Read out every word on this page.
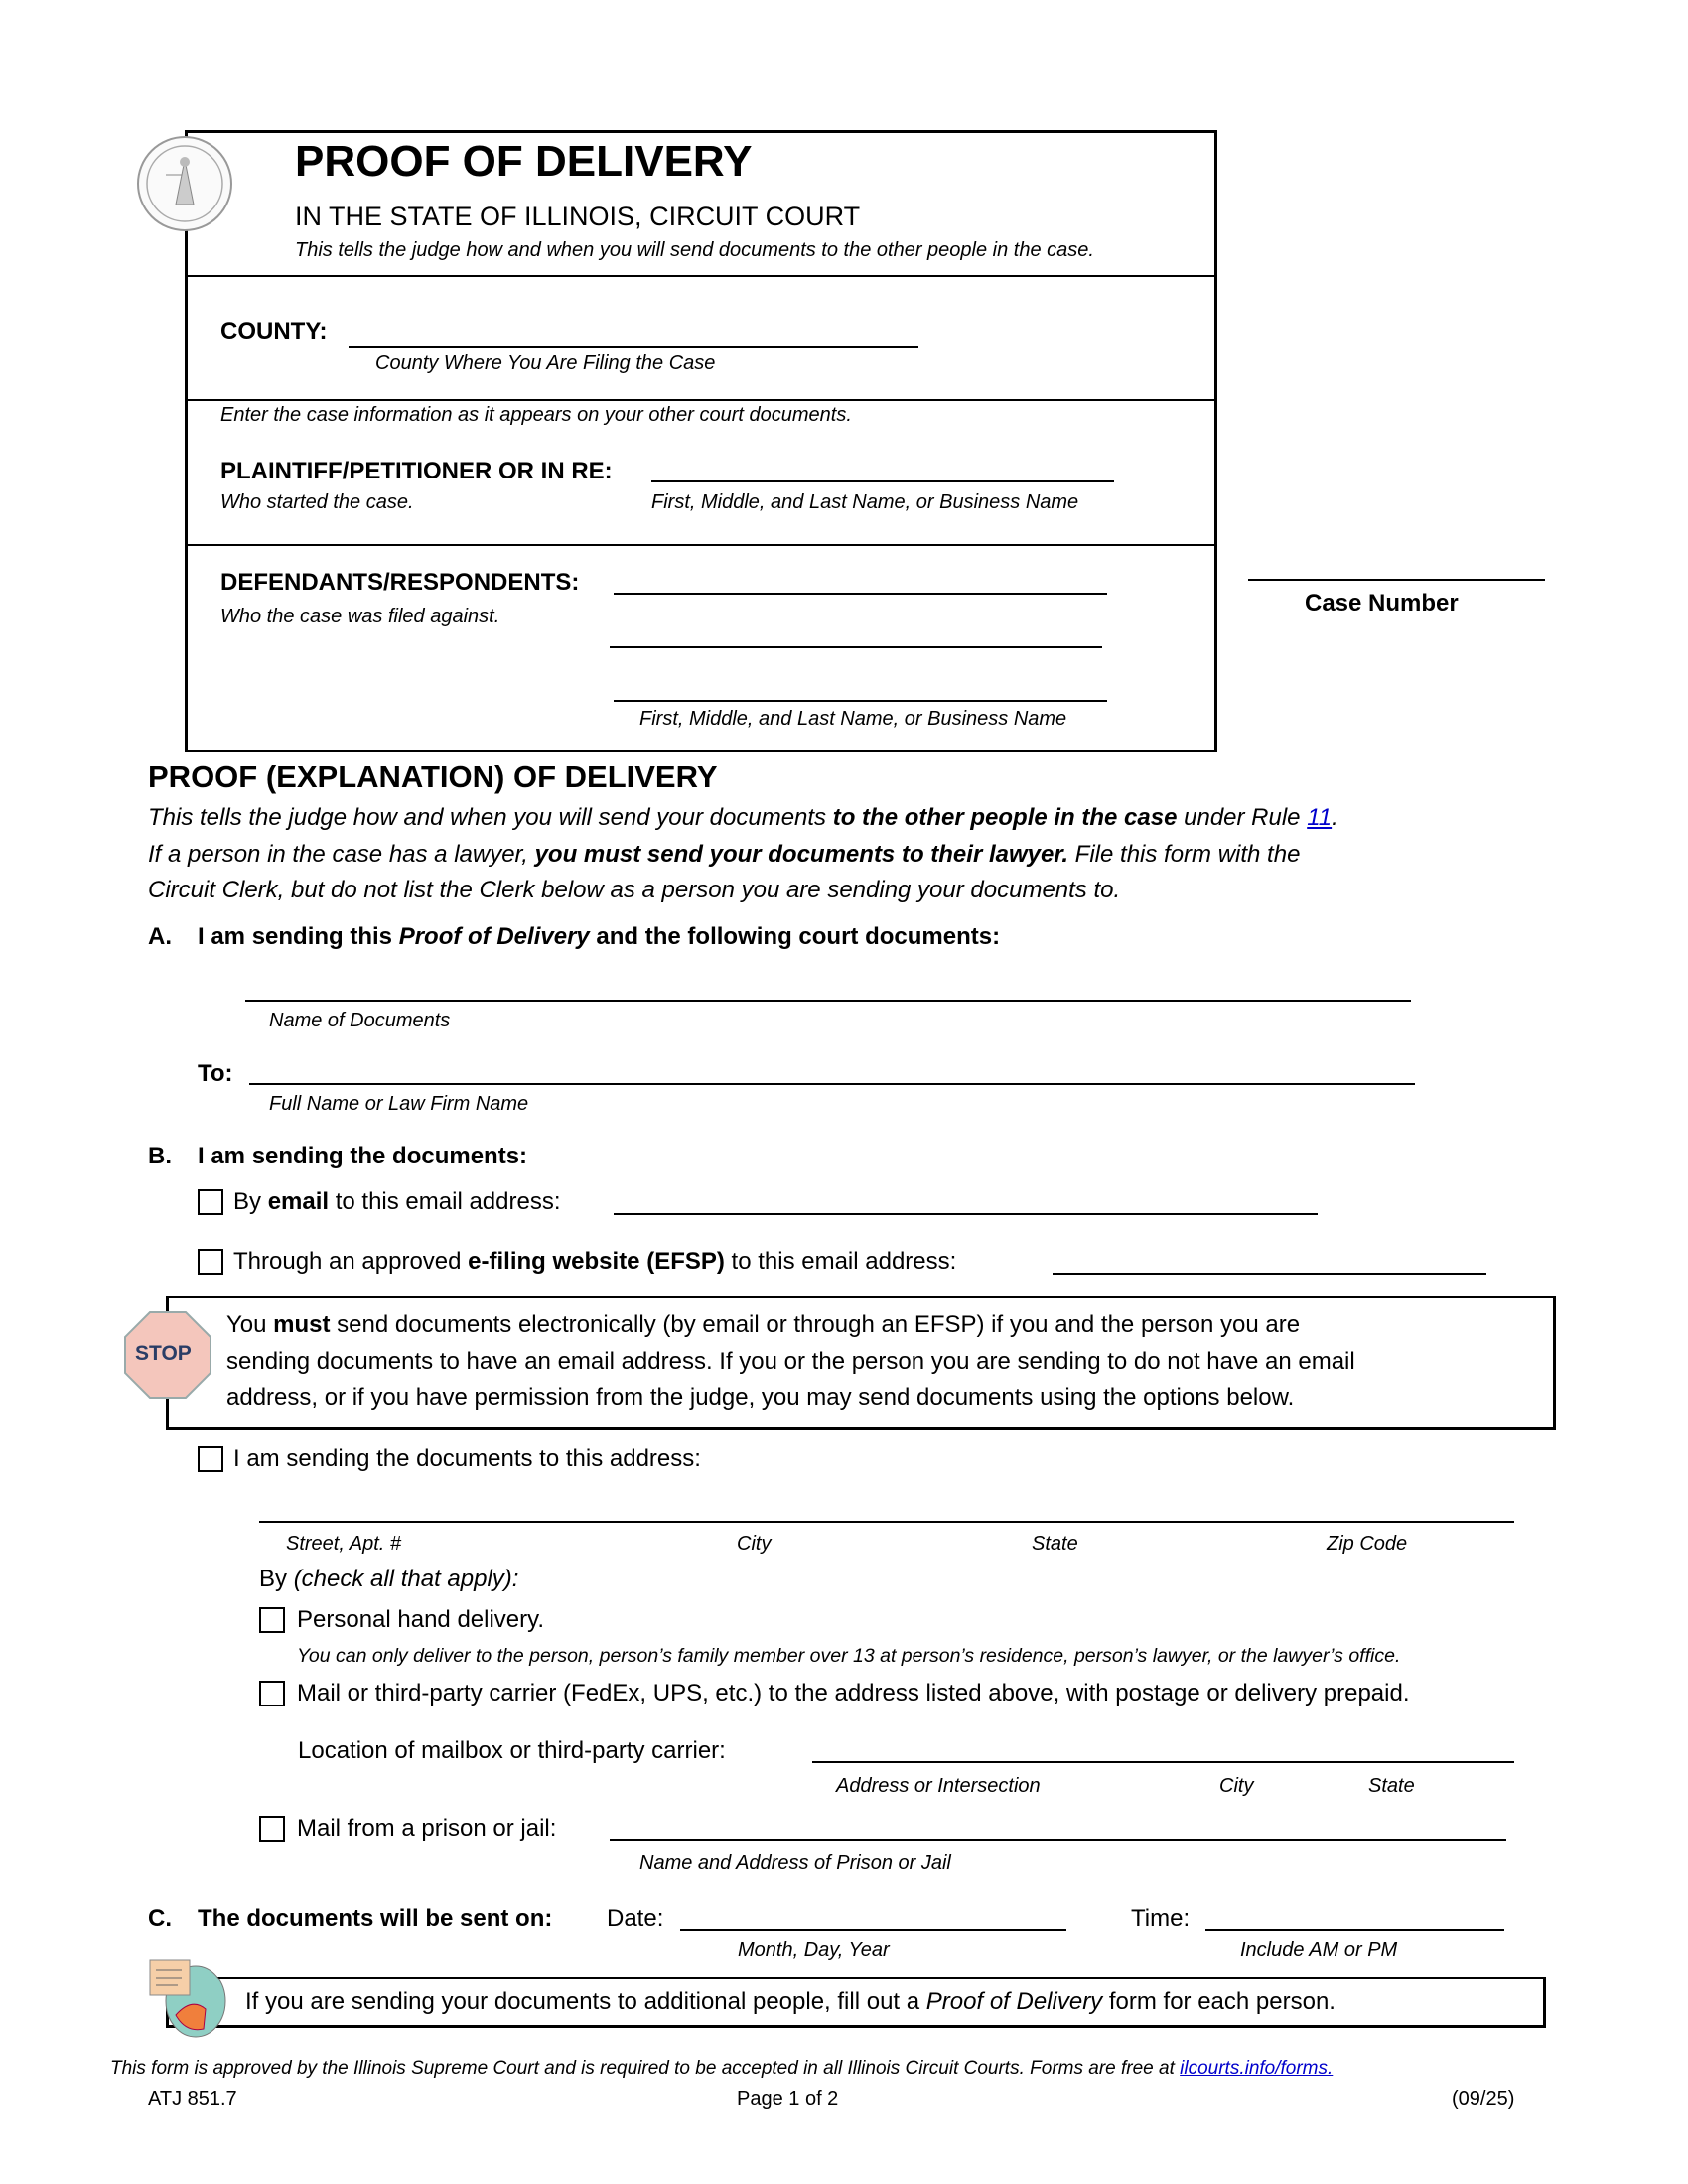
PROOF OF DELIVERY
IN THE STATE OF ILLINOIS, CIRCUIT COURT
This tells the judge how and when you will send documents to the other people in the case.
COUNTY:
County Where You Are Filing the Case
Enter the case information as it appears on your other court documents.
PLAINTIFF/PETITIONER OR IN RE:
Who started the case.	First, Middle, and Last Name, or Business Name
DEFENDANTS/RESPONDENTS:
Who the case was filed against.
First, Middle, and Last Name, or Business Name
Case Number
PROOF (EXPLANATION) OF DELIVERY
This tells the judge how and when you will send your documents to the other people in the case under Rule 11.
If a person in the case has a lawyer, you must send your documents to their lawyer. File this form with the
Circuit Clerk, but do not list the Clerk below as a person you are sending your documents to.
A. I am sending this Proof of Delivery and the following court documents:
Name of Documents
To:
Full Name or Law Firm Name
B. I am sending the documents:
By email to this email address:
Through an approved e-filing website (EFSP) to this email address:
STOP
You must send documents electronically (by email or through an EFSP) if you and the person you are
sending documents to have an email address. If you or the person you are sending to do not have an email
address, or if you have permission from the judge, you may send documents using the options below.
I am sending the documents to this address:
Street, Apt. #	City	State	Zip Code
By (check all that apply):
Personal hand delivery.
You can only deliver to the person, person’s family member over 13 at person’s residence, person’s lawyer, or the lawyer’s office.
Mail or third-party carrier (FedEx, UPS, etc.) to the address listed above, with postage or delivery prepaid.
Location of mailbox or third-party carrier:
Address or Intersection	City	State
Mail from a prison or jail:
Name and Address of Prison or Jail
C. The documents will be sent on: Date:	Time:
Month, Day, Year	Include AM or PM
If you are sending your documents to additional people, fill out a Proof of Delivery form for each person.
This form is approved by the Illinois Supreme Court and is required to be accepted in all Illinois Circuit Courts. Forms are free at ilcourts.info/forms.
ATJ 851.7	Page 1 of 2	(09/25)
